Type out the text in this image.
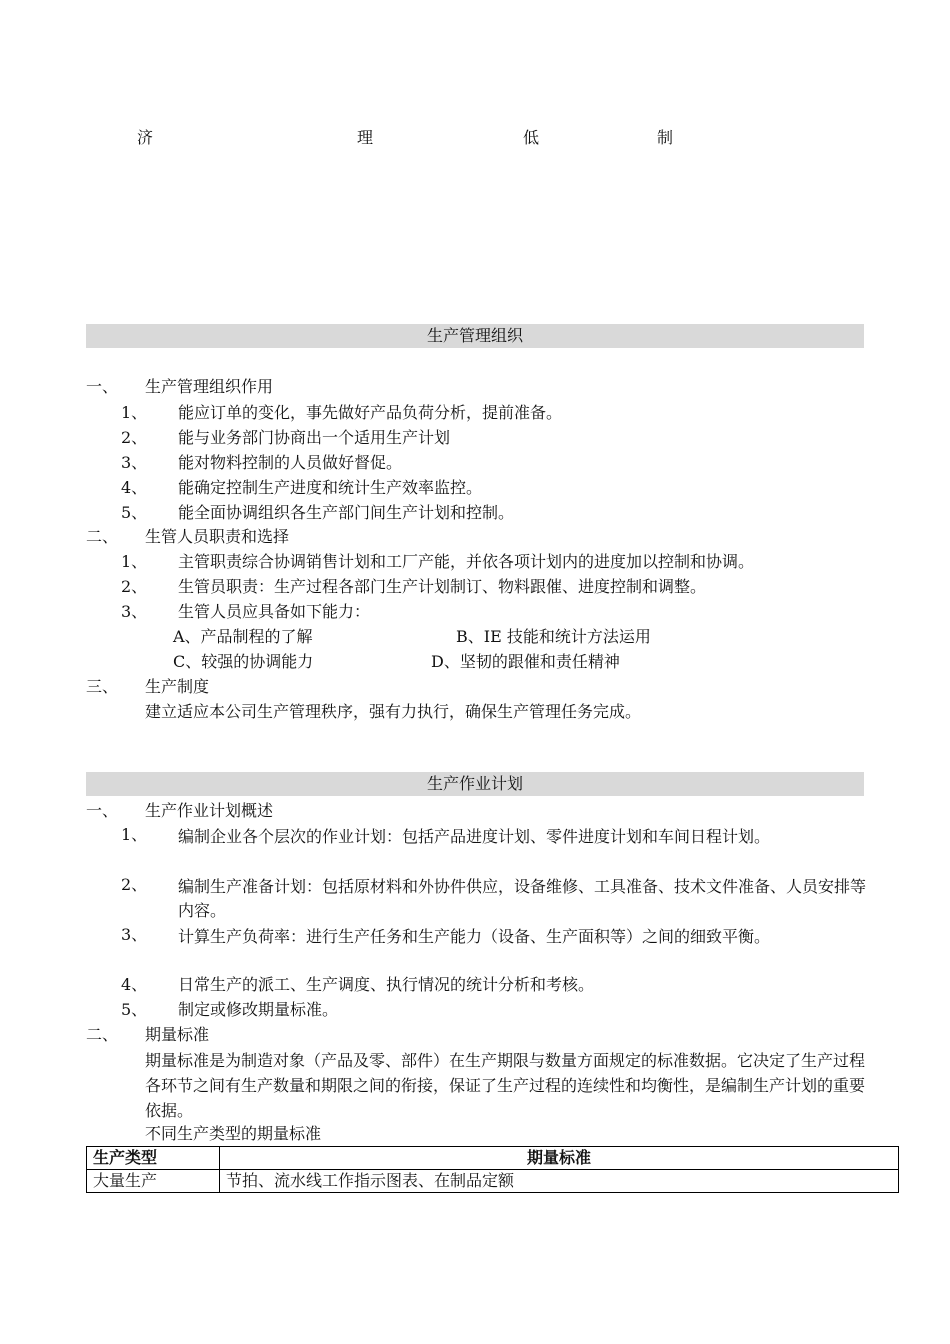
济	理	低	制
生产管理组织
一、 生产管理组织作用
1、 能应订单的变化，事先做好产品负荷分析，提前准备。
2、 能与业务部门协商出一个适用生产计划
3、 能对物料控制的人员做好督促。
4、 能确定控制生产进度和统计生产效率监控。
5、 能全面协调组织各生产部门间生产计划和控制。
二、 生管人员职责和选择
1、 主管职责综合协调销售计划和工厂产能，并依各项计划内的进度加以控制和协调。
2、 生管员职责：生产过程各部门生产计划制订、物料跟催、进度控制和调整。
3、 生管人员应具备如下能力：
A、产品制程的了解	B、IE 技能和统计方法运用
C、较强的协调能力	D、坚韧的跟催和责任精神
三、 生产制度
建立适应本公司生产管理秩序，强有力执行，确保生产管理任务完成。
生产作业计划
一、 生产作业计划概述
1、 编制企业各个层次的作业计划：包括产品进度计划、零件进度计划和车间日程计划。
2、 编制生产准备计划：包括原材料和外协件供应，设备维修、工具准备、技术文件准备、人员安排等内容。
3、 计算生产负荷率：进行生产任务和生产能力（设备、生产面积等）之间的细致平衡。
4、 日常生产的派工、生产调度、执行情况的统计分析和考核。
5、 制定或修改期量标准。
二、 期量标准
期量标准是为制造对象（产品及零、部件）在生产期限与数量方面规定的标准数据。它决定了生产过程各环节之间有生产数量和期限之间的衔接，保证了生产过程的连续性和均衡性，是编制生产计划的重要依据。
不同生产类型的期量标准
生产类型	期量标准
大量生产	节拍、流水线工作指示图表、在制品定额
